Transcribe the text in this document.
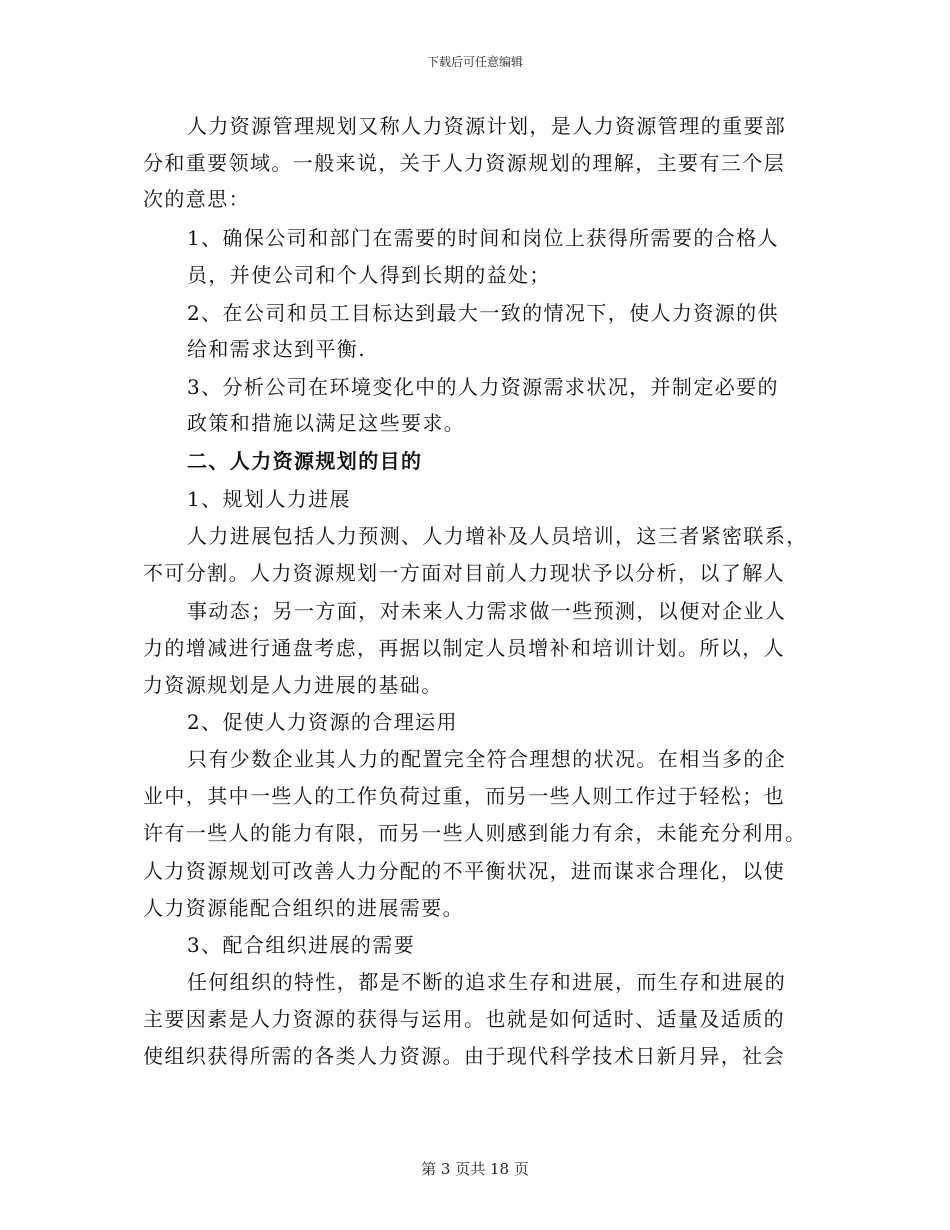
下载后可任意编辑
人力资源管理规划又称人力资源计划，是人力资源管理的重要部
分和重要领域。一般来说，关于人力资源规划的理解，主要有三个层
次的意思：
1、确保公司和部门在需要的时间和岗位上获得所需要的合格人
员，并使公司和个人得到长期的益处；
2、在公司和员工目标达到最大一致的情况下，使人力资源的供
给和需求达到平衡.
3、分析公司在环境变化中的人力资源需求状况，并制定必要的
政策和措施以满足这些要求。
二、人力资源规划的目的
1、规划人力进展
人力进展包括人力预测、人力增补及人员培训，这三者紧密联系，
不可分割。人力资源规划一方面对目前人力现状予以分析，以了解人
事动态；另一方面，对未来人力需求做一些预测，以便对企业人
力的增减进行通盘考虑，再据以制定人员增补和培训计划。所以，人
力资源规划是人力进展的基础。
2、促使人力资源的合理运用
只有少数企业其人力的配置完全符合理想的状况。在相当多的企
业中，其中一些人的工作负荷过重，而另一些人则工作过于轻松；也
许有一些人的能力有限，而另一些人则感到能力有余，未能充分利用。
人力资源规划可改善人力分配的不平衡状况，进而谋求合理化，以使
人力资源能配合组织的进展需要。
3、配合组织进展的需要
任何组织的特性，都是不断的追求生存和进展，而生存和进展的
主要因素是人力资源的获得与运用。也就是如何适时、适量及适质的
使组织获得所需的各类人力资源。由于现代科学技术日新月异，社会
第 3 页共 18 页
